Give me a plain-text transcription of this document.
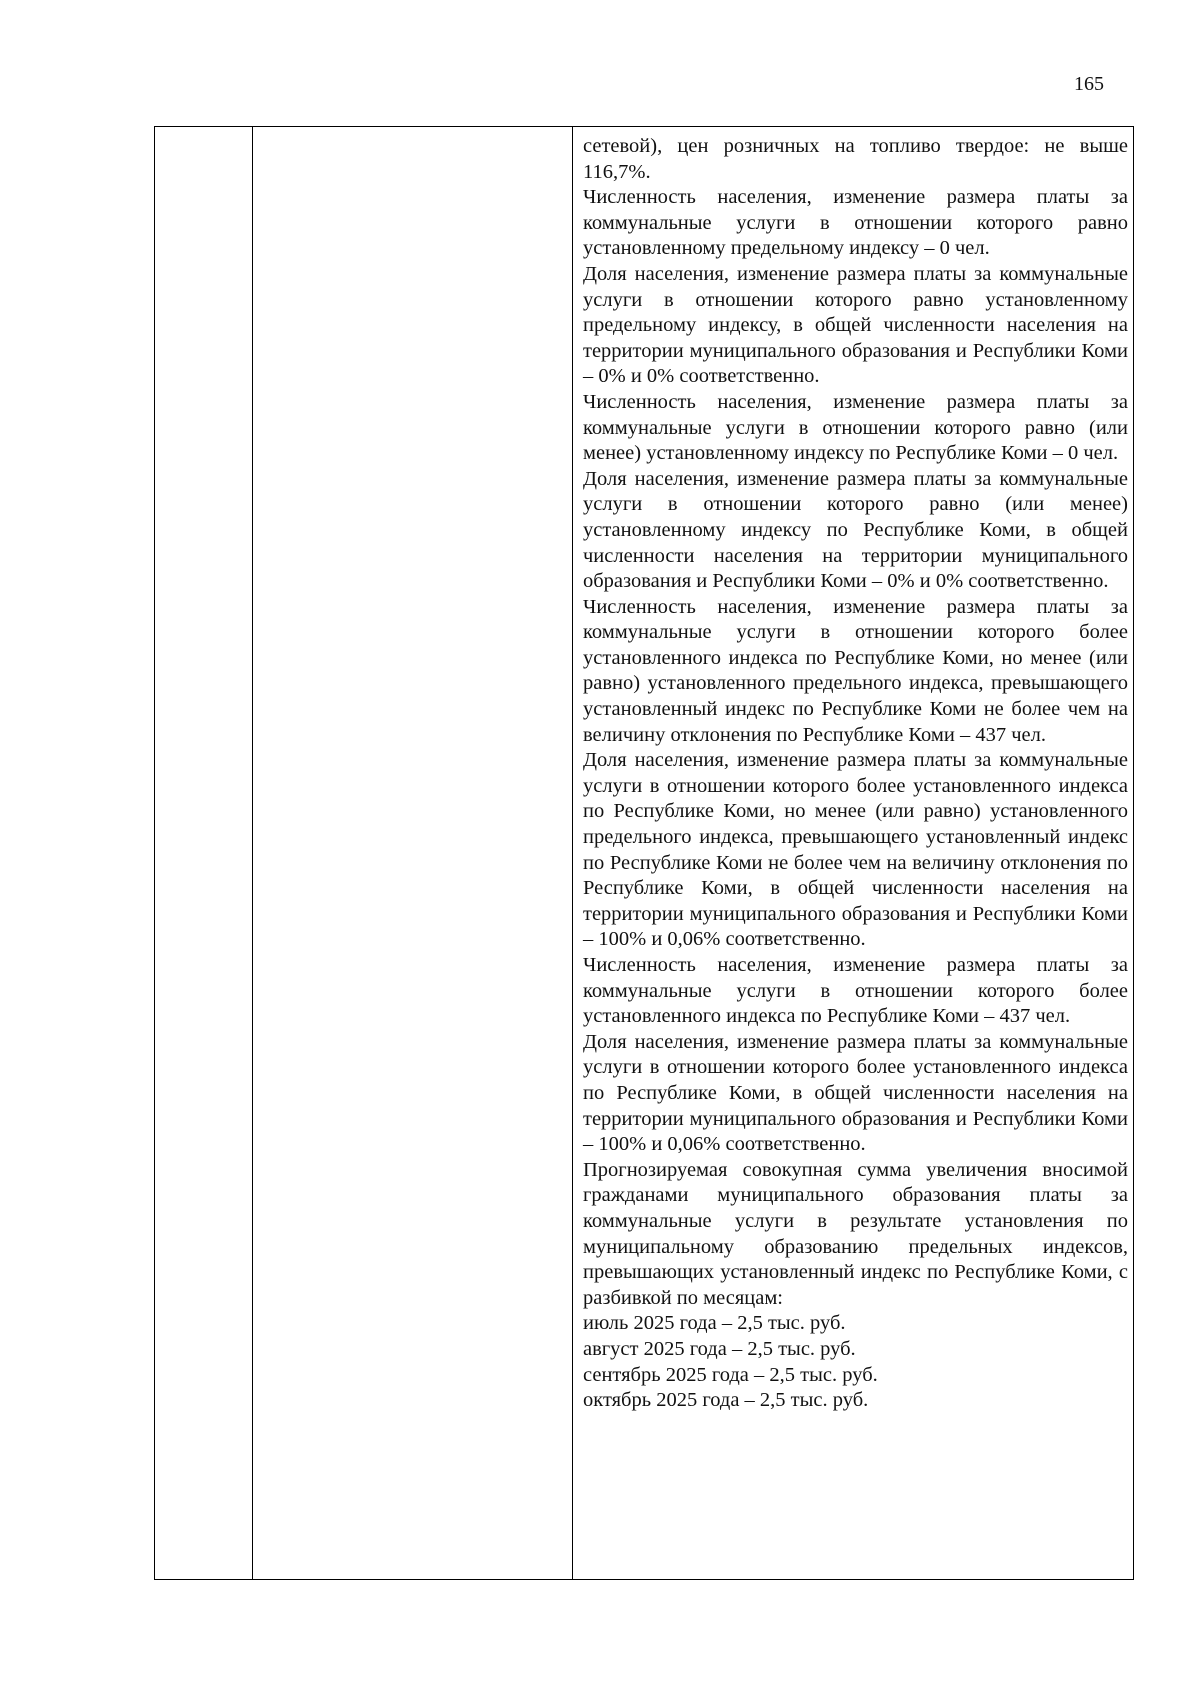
165

сетевой), цен розничных на топливо твердое: не выше 116,7%.

Численность населения, изменение размера платы за коммунальные услуги в отношении которого равно установленному предельному индексу – 0 чел.

Доля населения, изменение размера платы за коммунальные услуги в отношении которого равно установленному предельному индексу, в общей численности населения на территории муниципального образования и Республики Коми – 0% и 0% соответственно.

Численность населения, изменение размера платы за коммунальные услуги в отношении которого равно (или менее) установленному индексу по Республике Коми – 0 чел.

Доля населения, изменение размера платы за коммунальные услуги в отношении которого равно (или менее) установленному индексу по Республике Коми, в общей численности населения на территории муниципального образования и Республики Коми – 0% и 0% соответственно.

Численность населения, изменение размера платы за коммунальные услуги в отношении которого более установленного индекса по Республике Коми, но менее (или равно) установленного предельного индекса, превышающего установленный индекс по Республике Коми не более чем на величину отклонения по Республике Коми – 437 чел.

Доля населения, изменение размера платы за коммунальные услуги в отношении которого более установленного индекса по Республике Коми, но менее (или равно) установленного предельного индекса, превышающего установленный индекс по Республике Коми не более чем на величину отклонения по Республике Коми, в общей численности населения на территории муниципального образования и Республики Коми – 100% и 0,06% соответственно.

Численность населения, изменение размера платы за коммунальные услуги в отношении которого более установленного индекса по Республике Коми – 437 чел.

Доля населения, изменение размера платы за коммунальные услуги в отношении которого более установленного индекса по Республике Коми, в общей численности населения на территории муниципального образования и Республики Коми – 100% и 0,06% соответственно.

Прогнозируемая совокупная сумма увеличения вносимой гражданами муниципального образования платы за коммунальные услуги в результате установления по муниципальному образованию предельных индексов, превышающих установленный индекс по Республике Коми, с разбивкой по месяцам:

июль 2025 года – 2,5 тыс. руб.

август 2025 года – 2,5 тыс. руб.

сентябрь 2025 года – 2,5 тыс. руб.

октябрь 2025 года – 2,5 тыс. руб.
